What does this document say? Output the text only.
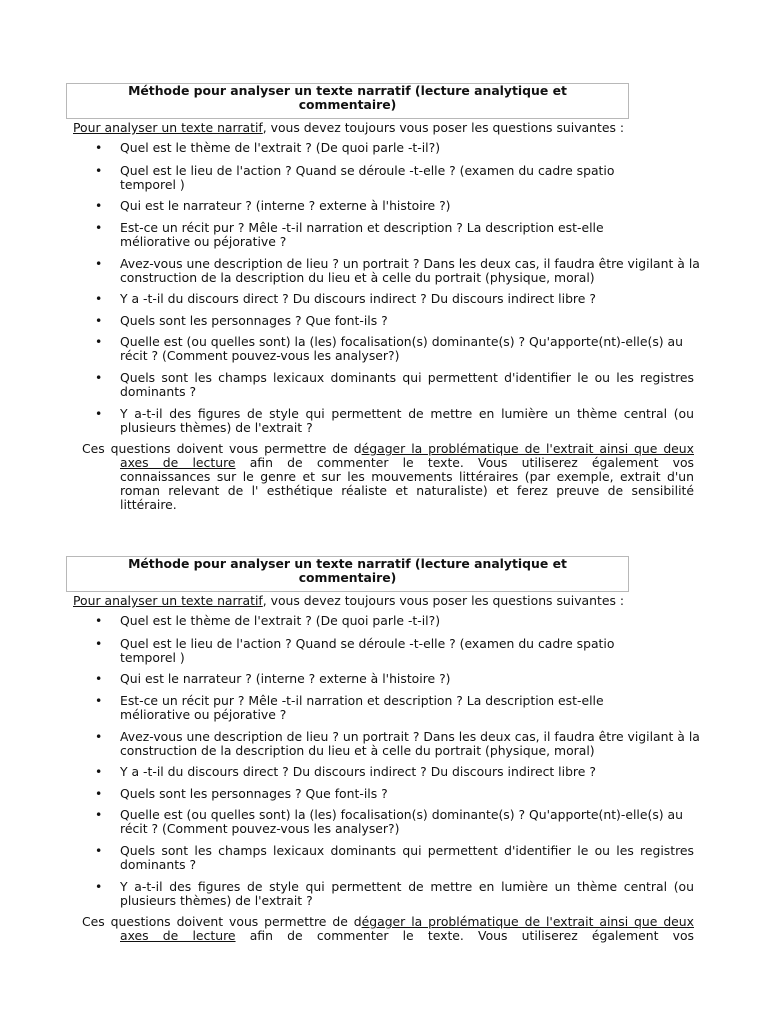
Méthode pour analyser un texte narratif (lecture analytique et
commentaire)
Pour analyser un texte narratif, vous devez toujours vous poser les questions suivantes :
• Quel est le thème de l'extrait ? (De quoi parle -t-il?)
• Quel est le lieu de l'action ? Quand se déroule -t-elle ? (examen du cadre spatio temporel )
• Qui est le narrateur ? (interne ? externe à l'histoire ?)
• Est-ce un récit pur ? Mêle -t-il narration et description ? La description est-elle méliorative ou péjorative ?
• Avez-vous une description de lieu ? un portrait ? Dans les deux cas, il faudra être vigilant à la construction de la description du lieu et à celle du portrait (physique, moral)
• Y a -t-il du discours direct ? Du discours indirect ? Du discours indirect libre ?
• Quels sont les personnages ? Que font-ils ?
• Quelle est (ou quelles sont) la (les) focalisation(s) dominante(s) ? Qu'apporte(nt)-elle(s) au récit ? (Comment pouvez-vous les analyser?)
• Quels sont les champs lexicaux dominants qui permettent d'identifier le ou les registres dominants ?
• Y a-t-il des figures de style qui permettent de mettre en lumière un thème central (ou plusieurs thèmes) de l'extrait ?
Ces questions doivent vous permettre de dégager la problématique de l'extrait ainsi que deux
axes de lecture afin de commenter le texte. Vous utiliserez également vos
connaissances sur le genre et sur les mouvements littéraires (par exemple, extrait d'un
roman relevant de l' esthétique réaliste et naturaliste) et ferez preuve de sensibilité
littéraire.
Méthode pour analyser un texte narratif (lecture analytique et
commentaire)
Pour analyser un texte narratif, vous devez toujours vous poser les questions suivantes :
• Quel est le thème de l'extrait ? (De quoi parle -t-il?)
• Quel est le lieu de l'action ? Quand se déroule -t-elle ? (examen du cadre spatio temporel )
• Qui est le narrateur ? (interne ? externe à l'histoire ?)
• Est-ce un récit pur ? Mêle -t-il narration et description ? La description est-elle méliorative ou péjorative ?
• Avez-vous une description de lieu ? un portrait ? Dans les deux cas, il faudra être vigilant à la construction de la description du lieu et à celle du portrait (physique, moral)
• Y a -t-il du discours direct ? Du discours indirect ? Du discours indirect libre ?
• Quels sont les personnages ? Que font-ils ?
• Quelle est (ou quelles sont) la (les) focalisation(s) dominante(s) ? Qu'apporte(nt)-elle(s) au récit ? (Comment pouvez-vous les analyser?)
• Quels sont les champs lexicaux dominants qui permettent d'identifier le ou les registres dominants ?
• Y a-t-il des figures de style qui permettent de mettre en lumière un thème central (ou plusieurs thèmes) de l'extrait ?
Ces questions doivent vous permettre de dégager la problématique de l'extrait ainsi que deux
axes de lecture afin de commenter le texte. Vous utiliserez également vos
